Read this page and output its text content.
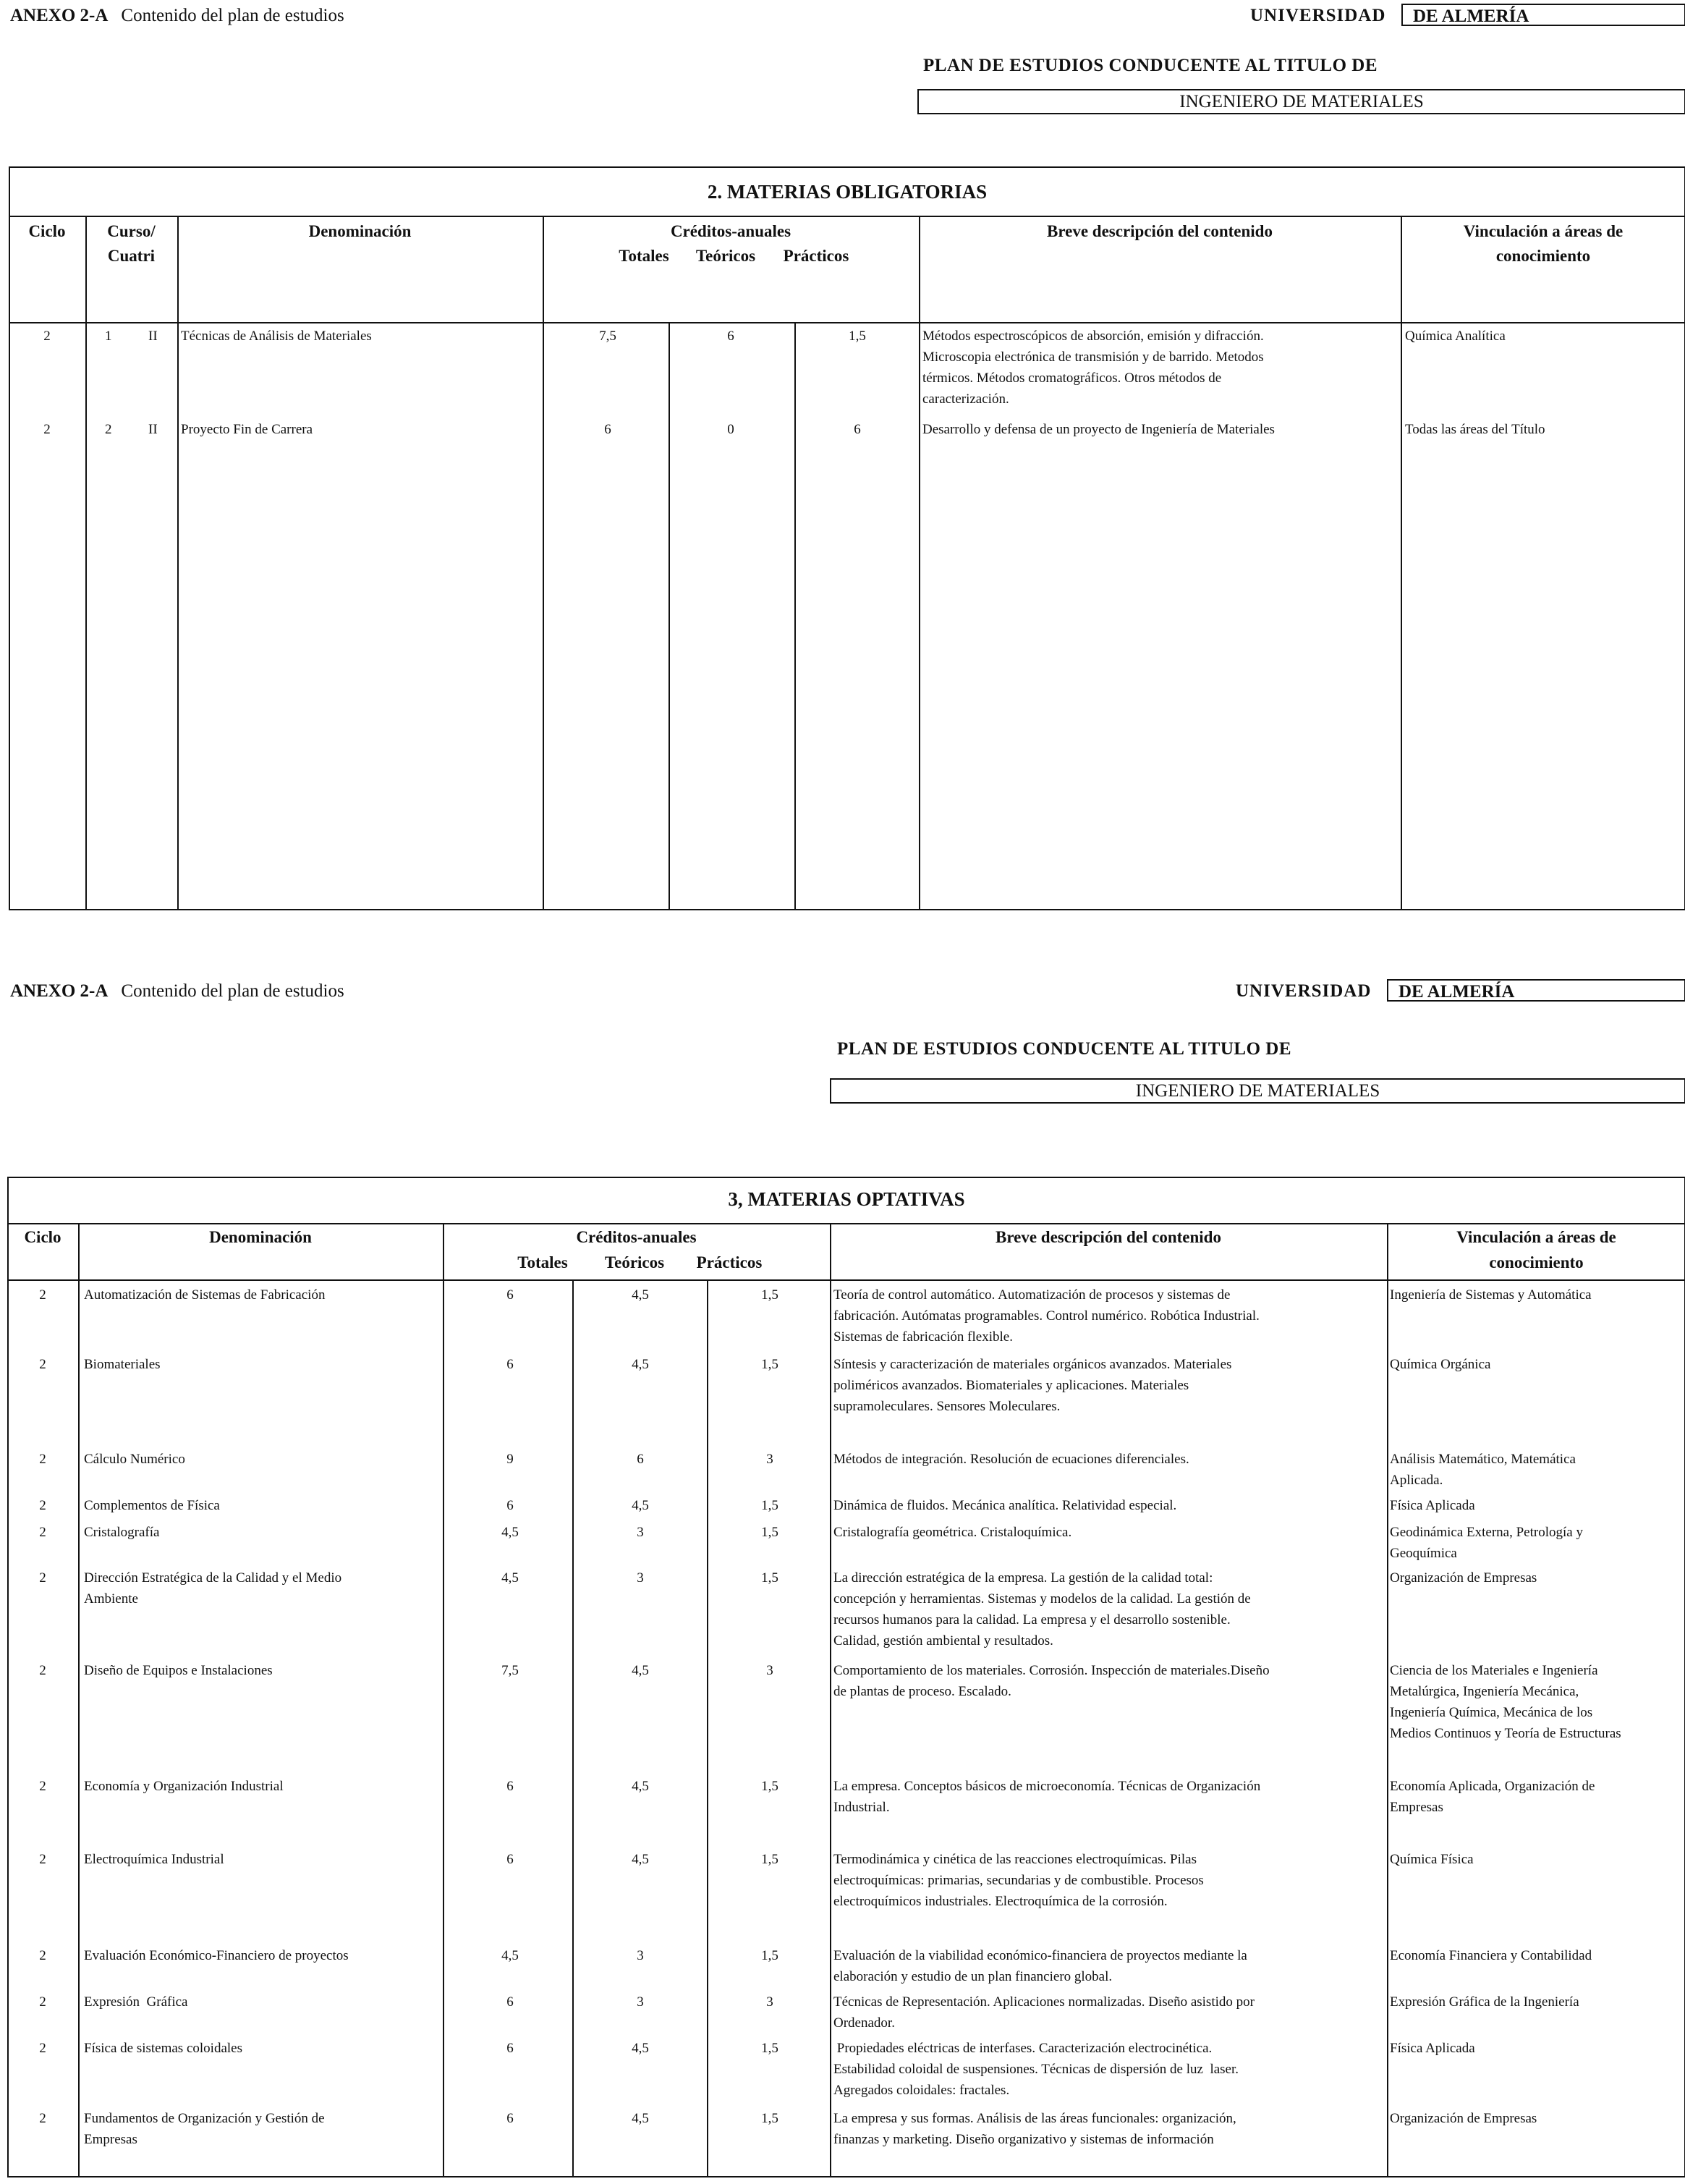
ANEXO 2-A Contenido del plan de estudios	UNIVERSIDAD	DE ALMERÍA
PLAN DE ESTUDIOS CONDUCENTE AL TITULO DE
INGENIERO DE MATERIALES
2. MATERIAS OBLIGATORIAS
Ciclo	Curso/
Cuatri
Denominación	Créditos-anuales
Totales	Teóricos	Prácticos
Breve descripción del contenido	Vinculación a áreas de
conocimiento
2	1	II Técnicas de Análisis de Materiales	7,5	6	1,5	Métodos espectroscópicos de absorción, emisión y difracción.
Microscopia electrónica de transmisión y de barrido. Metodos
térmicos. Métodos cromatográficos. Otros métodos de
caracterización.
Química Analítica
2	2	II Proyecto Fin de Carrera	6	0	6	Desarrollo y defensa de un proyecto de Ingeniería de Materiales	Todas las áreas del Título
ANEXO 2-A Contenido del plan de estudios	UNIVERSIDAD	DE ALMERÍA
PLAN DE ESTUDIOS CONDUCENTE AL TITULO DE
INGENIERO DE MATERIALES
3, MATERIAS OPTATIVAS
Ciclo	Denominación	Créditos-anuales
Totales	Teóricos	Prácticos
Breve descripción del contenido	Vinculación a áreas de
conocimiento
2	Automatización de Sistemas de Fabricación	6	4,5	1,5	Teoría de control automático. Automatización de procesos y sistemas de
fabricación. Autómatas programables. Control numérico. Robótica Industrial.
Sistemas de fabricación flexible.
Ingeniería de Sistemas y Automática
2	Biomateriales	6	4,5	1,5	Síntesis y caracterización de materiales orgánicos avanzados. Materiales
poliméricos avanzados. Biomateriales y aplicaciones. Materiales
supramoleculares. Sensores Moleculares.
Química Orgánica
2	Cálculo Numérico	9	6	3	Métodos de integración. Resolución de ecuaciones diferenciales.	Análisis Matemático, Matemática
Aplicada.
2	Complementos de Física	6	4,5	1,5	Dinámica de fluidos. Mecánica analítica. Relatividad especial.	Física Aplicada
2	Cristalografía	4,5	3	1,5	Cristalografía geométrica. Cristaloquímica.	Geodinámica Externa, Petrología y
Geoquímica
2	Dirección Estratégica de la Calidad y el Medio
Ambiente
4,5	3	1,5	La dirección estratégica de la empresa. La gestión de la calidad total:
concepción y herramientas. Sistemas y modelos de la calidad. La gestión de
recursos humanos para la calidad. La empresa y el desarrollo sostenible.
Calidad, gestión ambiental y resultados.
Organización de Empresas
2	Diseño de Equipos e Instalaciones	7,5	4,5	3	Comportamiento de los materiales. Corrosión. Inspección de materiales.Diseño
de plantas de proceso. Escalado.
Ciencia de los Materiales e Ingeniería
Metalúrgica, Ingeniería Mecánica,
Ingeniería Química, Mecánica de los
Medios Continuos y Teoría de Estructuras
2	Economía y Organización Industrial	6	4,5	1,5	La empresa. Conceptos básicos de microeconomía. Técnicas de Organización
Industrial.
Economía Aplicada, Organización de
Empresas
2	Electroquímica Industrial	6	4,5	1,5	Termodinámica y cinética de las reacciones electroquímicas. Pilas
electroquímicas: primarias, secundarias y de combustible. Procesos
electroquímicos industriales. Electroquímica de la corrosión.
Química Física
2	Evaluación Económico-Financiero de proyectos	4,5	3	1,5	Evaluación de la viabilidad económico-financiera de proyectos mediante la
elaboración y estudio de un plan financiero global.
Economía Financiera y Contabilidad
2	Expresión  Gráfica	6	3	3	Técnicas de Representación. Aplicaciones normalizadas. Diseño asistido por
Ordenador.
Expresión Gráfica de la Ingeniería
2	Física de sistemas coloidales	6	4,5	1,5	Propiedades eléctricas de interfases. Caracterización electrocinética.
Estabilidad coloidal de suspensiones. Técnicas de dispersión de luz  laser.
Agregados coloidales: fractales.
Física Aplicada
2	Fundamentos de Organización y Gestión de
Empresas
6	4,5	1,5	La empresa y sus formas. Análisis de las áreas funcionales: organización,
finanzas y marketing. Diseño organizativo y sistemas de información
Organización de Empresas
